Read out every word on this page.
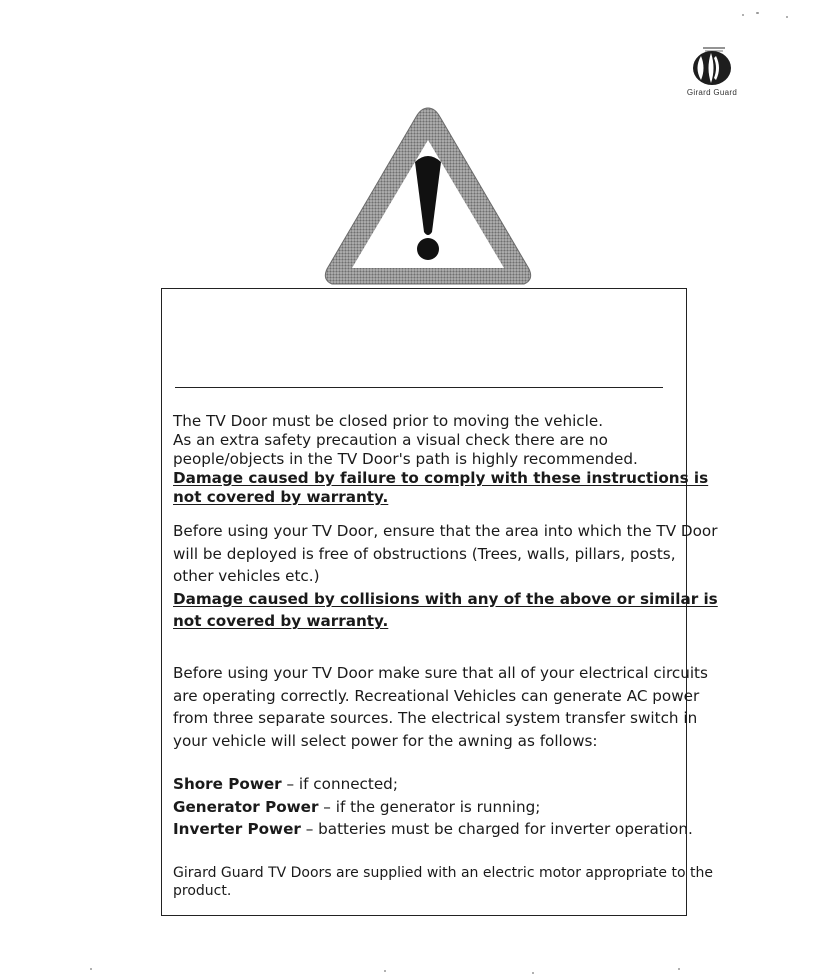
Girard Guard
The TV Door must be closed prior to moving the vehicle.
As an extra safety precaution a visual check there are no
people/objects in the TV Door's path is highly recommended.
Damage caused by failure to comply with these instructions is
not covered by warranty.
Before using your TV Door, ensure that the area into which the TV Door
will be deployed is free of obstructions (Trees, walls, pillars, posts,
other vehicles etc.)
Damage caused by collisions with any of the above or similar is
not covered by warranty.
Before using your TV Door make sure that all of your electrical circuits
are operating correctly. Recreational Vehicles can generate AC power
from three separate sources. The electrical system transfer switch in
your vehicle will select power for the awning as follows:
Shore Power – if connected;
Generator Power – if the generator is running;
Inverter Power – batteries must be charged for inverter operation.
Girard Guard TV Doors are supplied with an electric motor appropriate to the
product.
